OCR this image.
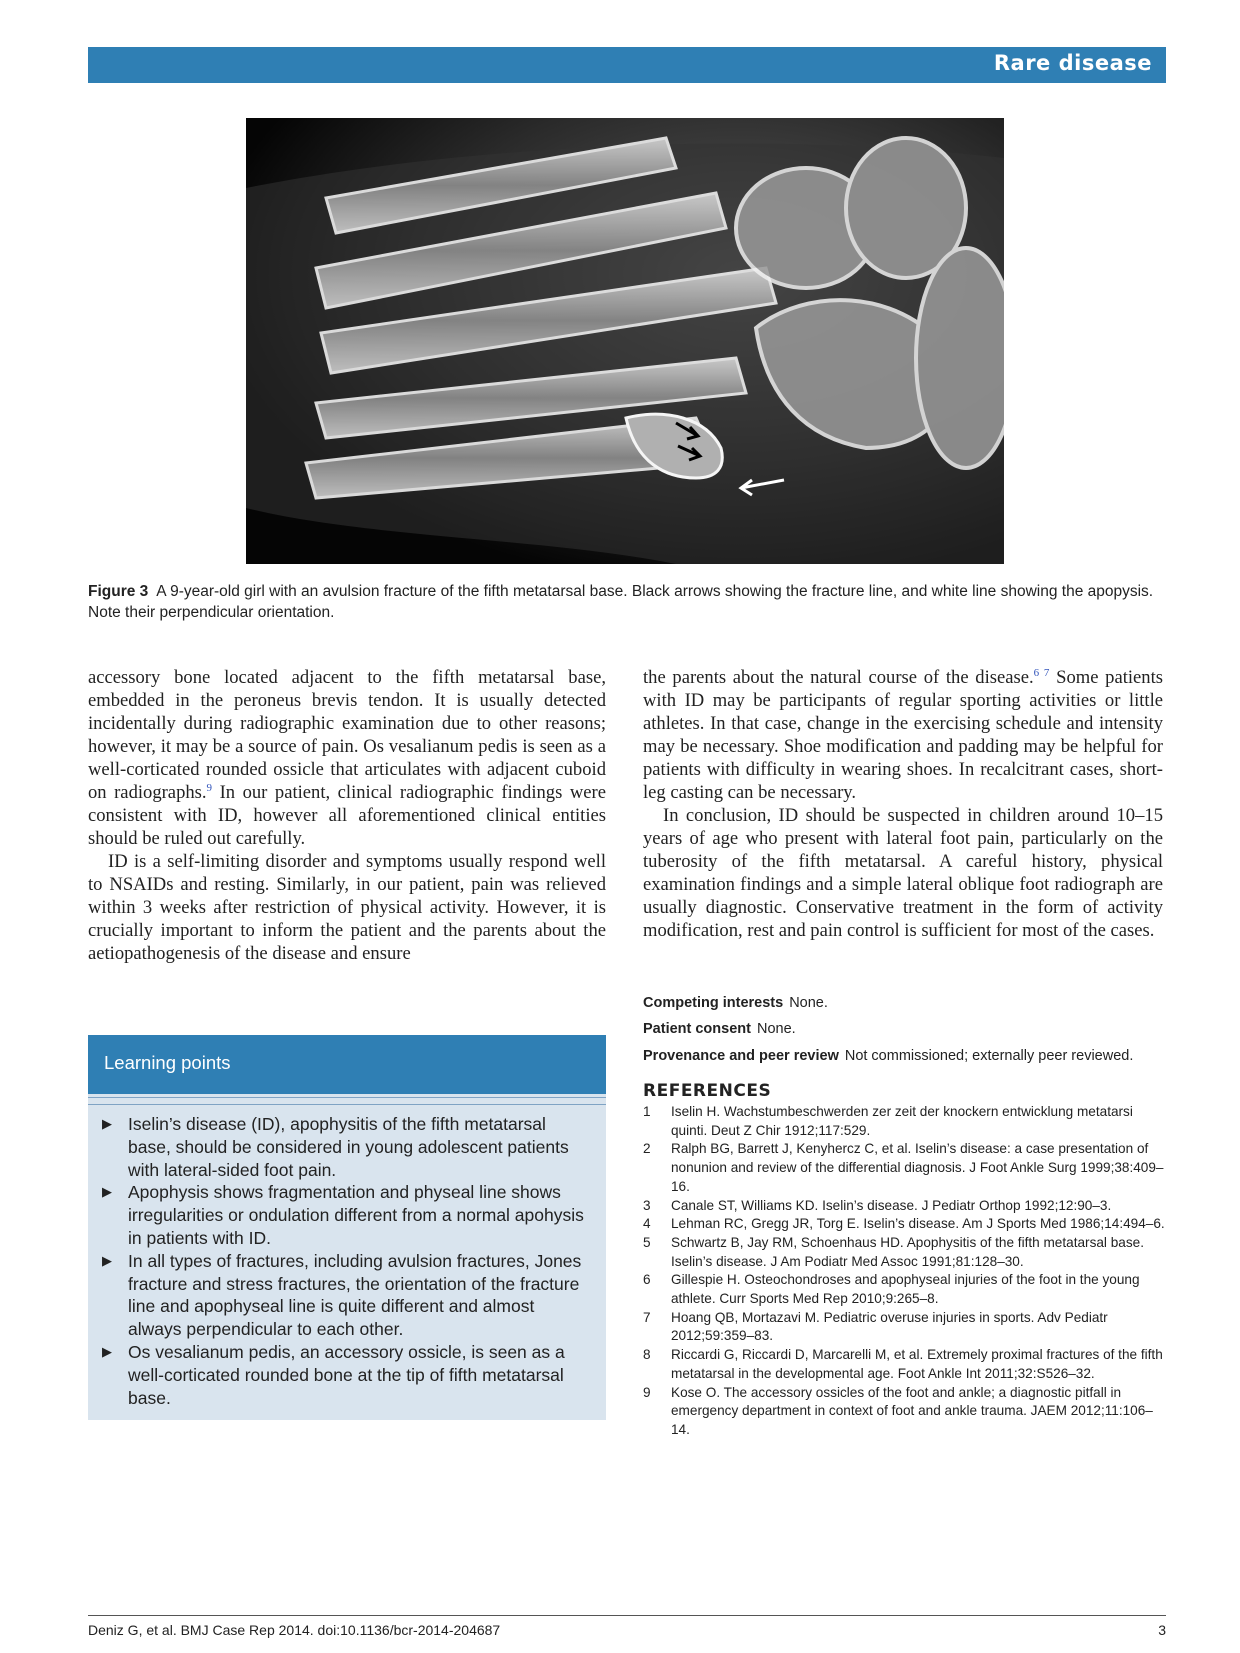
Rare disease
Figure 3 A 9-year-old girl with an avulsion fracture of the fifth metatarsal base. Black arrows showing the fracture line, and white line showing the apopysis. Note their perpendicular orientation.

accessory bone located adjacent to the fifth metatarsal base, embedded in the peroneus brevis tendon. It is usually detected incidentally during radiographic examination due to other reasons; however, it may be a source of pain. Os vesalianum pedis is seen as a well-corticated rounded ossicle that articulates with adjacent cuboid on radiographs.$^9$ In our patient, clinical radiographic findings were consistent with ID, however all aforementioned clinical entities should be ruled out carefully.

ID is a self-limiting disorder and symptoms usually respond well to NSAIDs and resting. Similarly, in our patient, pain was relieved within 3 weeks after restriction of physical activity. However, it is crucially important to inform the patient and the parents about the aetiopathogenesis of the disease and ensure

the parents about the natural course of the disease.$^{6 7}$ Some patients with ID may be participants of regular sporting activities or little athletes. In that case, change in the exercising schedule and intensity may be necessary. Shoe modification and padding may be helpful for patients with difficulty in wearing shoes. In recalcitrant cases, short-leg casting can be necessary.

In conclusion, ID should be suspected in children around 10–15 years of age who present with lateral foot pain, particularly on the tuberosity of the fifth metatarsal. A careful history, physical examination findings and a simple lateral oblique foot radiograph are usually diagnostic. Conservative treatment in the form of activity modification, rest and pain control is sufficient for most of the cases.

Competing interests None.
Patient consent None.
Provenance and peer review Not commissioned; externally peer reviewed.
Learning points
▶ Iselin’s disease (ID), apophysitis of the fifth metatarsal base, should be considered in young adolescent patients with lateral-sided foot pain.
▶ Apophysis shows fragmentation and physeal line shows irregularities or ondulation different from a normal apohysis in patients with ID.
▶ In all types of fractures, including avulsion fractures, Jones fracture and stress fractures, the orientation of the fracture line and apophyseal line is quite different and almost always perpendicular to each other.
▶ Os vesalianum pedis, an accessory ossicle, is seen as a well-corticated rounded bone at the tip of fifth metatarsal base.
REFERENCES
1 Iselin H. Wachstumbeschwerden zer zeit der knockern entwicklung metatarsi quinti. Deut Z Chir 1912;117:529.
2 Ralph BG, Barrett J, Kenyhercz C, et al. Iselin’s disease: a case presentation of nonunion and review of the differential diagnosis. J Foot Ankle Surg 1999;38:409–16.
3 Canale ST, Williams KD. Iselin’s disease. J Pediatr Orthop 1992;12:90–3.
4 Lehman RC, Gregg JR, Torg E. Iselin’s disease. Am J Sports Med 1986;14:494–6.
5 Schwartz B, Jay RM, Schoenhaus HD. Apophysitis of the fifth metatarsal base. Iselin’s disease. J Am Podiatr Med Assoc 1991;81:128–30.
6 Gillespie H. Osteochondroses and apophyseal injuries of the foot in the young athlete. Curr Sports Med Rep 2010;9:265–8.
7 Hoang QB, Mortazavi M. Pediatric overuse injuries in sports. Adv Pediatr 2012;59:359–83.
8 Riccardi G, Riccardi D, Marcarelli M, et al. Extremely proximal fractures of the fifth metatarsal in the developmental age. Foot Ankle Int 2011;32:S526–32.
9 Kose O. The accessory ossicles of the foot and ankle; a diagnostic pitfall in emergency department in context of foot and ankle trauma. JAEM 2012;11:106–14.
Deniz G, et al. BMJ Case Rep 2014. doi:10.1136/bcr-2014-204687	3
